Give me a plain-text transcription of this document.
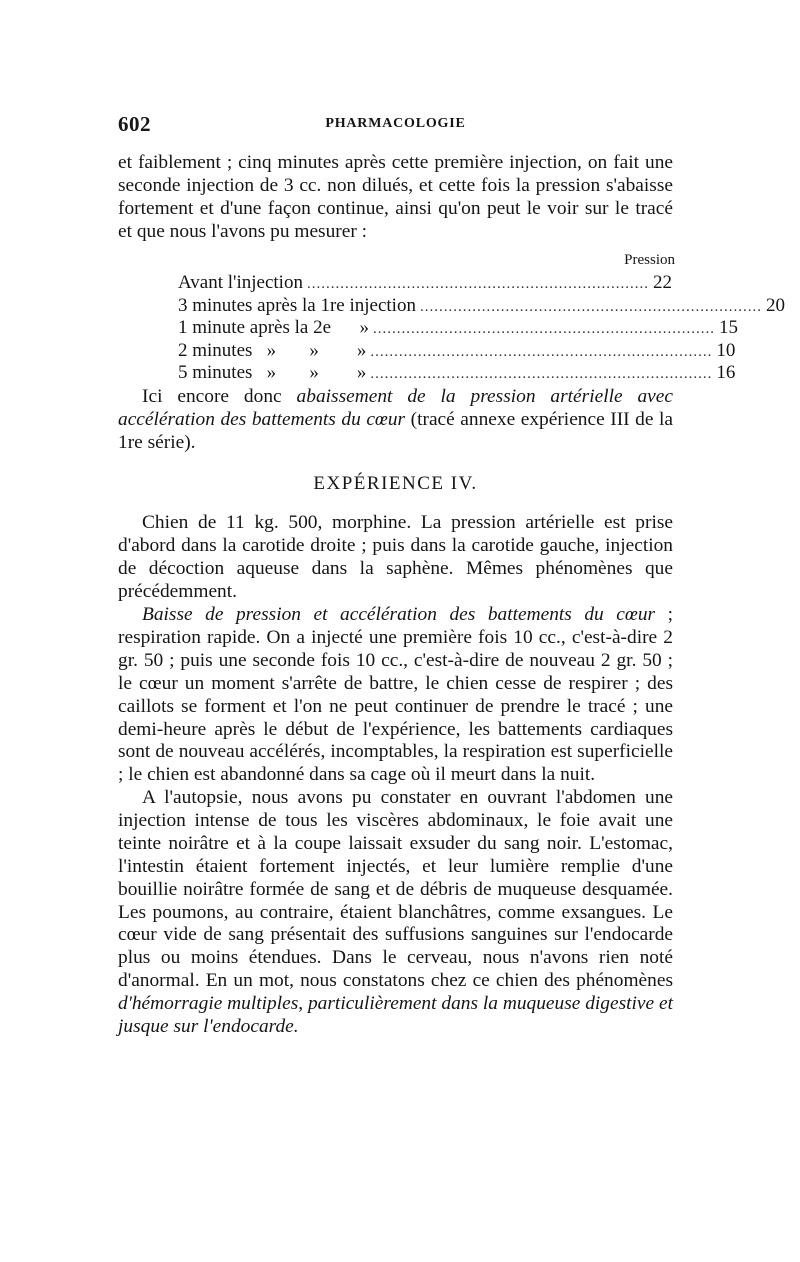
602	PHARMACOLOGIE

et faiblement ; cinq minutes après cette première injection, on fait une seconde injection de 3 cc. non dilués, et cette fois la pression s'abaisse fortement et d'une façon continue, ainsi qu'on peut le voir sur le tracé et que nous l'avons pu mesurer :

Pression
Avant l'injection ........................................................................ 22
3 minutes après la 1re injection ........................................................................ 20
1 minute après la 2e      » ........................................................................ 15
2 minutes   »       »        » ........................................................................ 10
5 minutes   »       »        » ........................................................................ 16

Ici encore donc abaissement de la pression artérielle avec accélération des battements du cœur (tracé annexe expérience III de la 1re série).

EXPÉRIENCE IV.

Chien de 11 kg. 500, morphine. La pression artérielle est prise d'abord dans la carotide droite ; puis dans la carotide gauche, injection de décoction aqueuse dans la saphène. Mêmes phénomènes que précédemment.

Baisse de pression et accélération des battements du cœur ; respiration rapide. On a injecté une première fois 10 cc., c'est-à-dire 2 gr. 50 ; puis une seconde fois 10 cc., c'est-à-dire de nouveau 2 gr. 50 ; le cœur un moment s'arrête de battre, le chien cesse de respirer ; des caillots se forment et l'on ne peut continuer de prendre le tracé ; une demi-heure après le début de l'expérience, les battements cardiaques sont de nouveau accélérés, incomptables, la respiration est superficielle ; le chien est abandonné dans sa cage où il meurt dans la nuit.

A l'autopsie, nous avons pu constater en ouvrant l'abdomen une injection intense de tous les viscères abdominaux, le foie avait une teinte noirâtre et à la coupe laissait exsuder du sang noir. L'estomac, l'intestin étaient fortement injectés, et leur lumière remplie d'une bouillie noirâtre formée de sang et de débris de muqueuse desquamée. Les poumons, au contraire, étaient blanchâtres, comme exsangues. Le cœur vide de sang présentait des suffusions sanguines sur l'endocarde plus ou moins étendues. Dans le cerveau, nous n'avons rien noté d'anormal. En un mot, nous constatons chez ce chien des phénomènes d'hémorragie multiples, particulièrement dans la muqueuse digestive et jusque sur l'endocarde.
